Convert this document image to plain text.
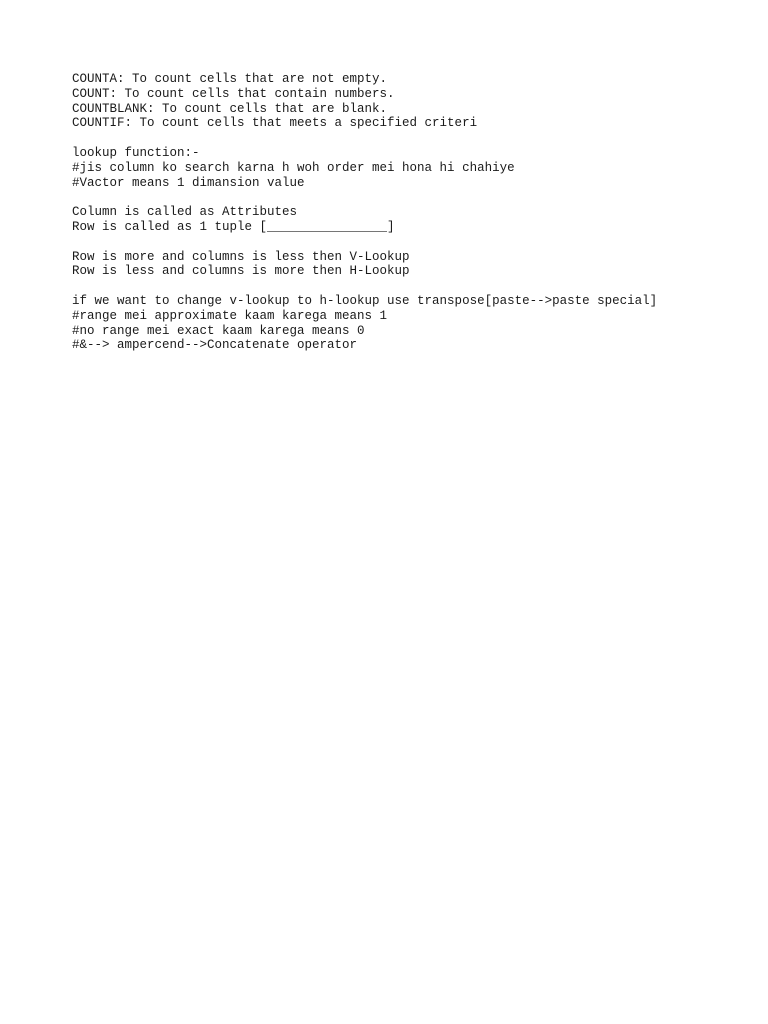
COUNTA: To count cells that are not empty.
COUNT: To count cells that contain numbers.
COUNTBLANK: To count cells that are blank.
COUNTIF: To count cells that meets a specified criteri
lookup function:-
#jis column ko search karna h woh order mei hona hi chahiye
#Vactor means 1 dimansion value
Column is called as Attributes
Row is called as 1 tuple [________________]
Row is more and columns is less then V-Lookup
Row is less and columns is more then H-Lookup
if we want to change v-lookup to h-lookup use transpose[paste-->paste special]
#range mei approximate kaam karega means 1
#no range mei exact kaam karega means 0
#&--> ampercend-->Concatenate operator
